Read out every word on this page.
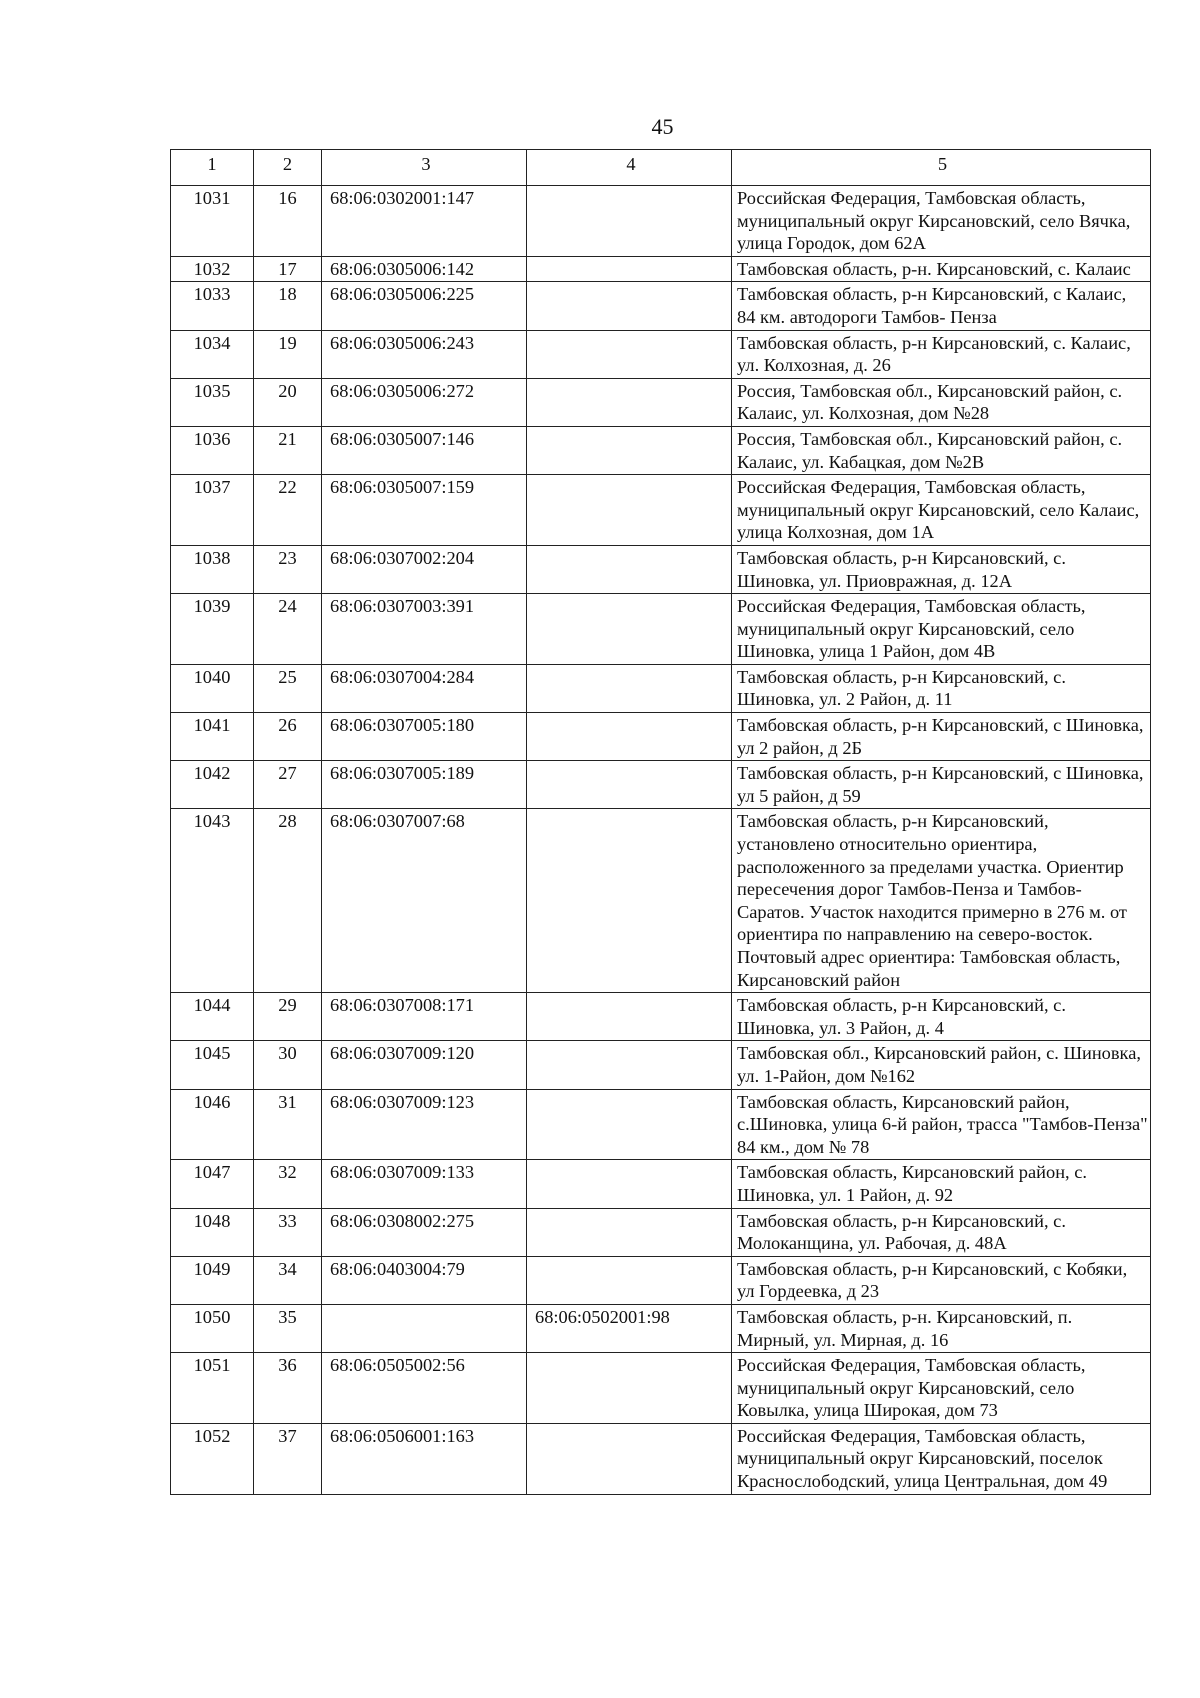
45
1	2	3	4	5
1031	16	68:06:0302001:147		Российская Федерация, Тамбовская область, муниципальный округ Кирсановский, село Вячка, улица Городок, дом 62А
1032	17	68:06:0305006:142		Тамбовская область, р-н. Кирсановский, с. Калаис
1033	18	68:06:0305006:225		Тамбовская область, р-н Кирсановский, с Калаис, 84 км. автодороги Тамбов- Пенза
1034	19	68:06:0305006:243		Тамбовская область, р-н Кирсановский, с. Калаис, ул. Колхозная, д. 26
1035	20	68:06:0305006:272		Россия, Тамбовская обл., Кирсановский район, с. Калаис, ул. Колхозная, дом №28
1036	21	68:06:0305007:146		Россия, Тамбовская обл., Кирсановский район, с. Калаис, ул. Кабацкая, дом №2В
1037	22	68:06:0305007:159		Российская Федерация, Тамбовская область, муниципальный округ Кирсановский, село Калаис, улица Колхозная, дом 1А
1038	23	68:06:0307002:204		Тамбовская область, р-н Кирсановский, с. Шиновка, ул. Приовражная, д. 12А
1039	24	68:06:0307003:391		Российская Федерация, Тамбовская область, муниципальный округ Кирсановский, село Шиновка, улица 1 Район, дом 4В
1040	25	68:06:0307004:284		Тамбовская область, р-н Кирсановский, с. Шиновка, ул. 2 Район, д. 11
1041	26	68:06:0307005:180		Тамбовская область, р-н Кирсановский, с Шиновка, ул 2 район, д 2Б
1042	27	68:06:0307005:189		Тамбовская область, р-н Кирсановский, с Шиновка, ул 5 район, д 59
1043	28	68:06:0307007:68		Тамбовская область, р-н Кирсановский, установлено относительно ориентира, расположенного за пределами участка. Ориентир пересечения дорог Тамбов-Пенза и Тамбов-Саратов. Участок находится примерно в 276 м. от ориентира по направлению на северо-восток. Почтовый адрес ориентира: Тамбовская область, Кирсановский район
1044	29	68:06:0307008:171		Тамбовская область, р-н Кирсановский, с. Шиновка, ул. 3 Район, д. 4
1045	30	68:06:0307009:120		Тамбовская обл., Кирсановский район, с. Шиновка, ул. 1-Район, дом №162
1046	31	68:06:0307009:123		Тамбовская область, Кирсановский район, с.Шиновка, улица 6-й район, трасса "Тамбов-Пенза" 84 км., дом № 78
1047	32	68:06:0307009:133		Тамбовская область, Кирсановский район, с. Шиновка, ул. 1 Район, д. 92
1048	33	68:06:0308002:275		Тамбовская область, р-н Кирсановский, с. Молоканщина, ул. Рабочая, д. 48А
1049	34	68:06:0403004:79		Тамбовская область, р-н Кирсановский, с Кобяки, ул Гордеевка, д 23
1050	35		68:06:0502001:98	Тамбовская область, р-н. Кирсановский, п. Мирный, ул. Мирная, д. 16
1051	36	68:06:0505002:56		Российская Федерация, Тамбовская область, муниципальный округ Кирсановский, село Ковылка, улица Широкая, дом 73
1052	37	68:06:0506001:163		Российская Федерация, Тамбовская область, муниципальный округ Кирсановский, поселок Краснослободский, улица Центральная, дом 49
